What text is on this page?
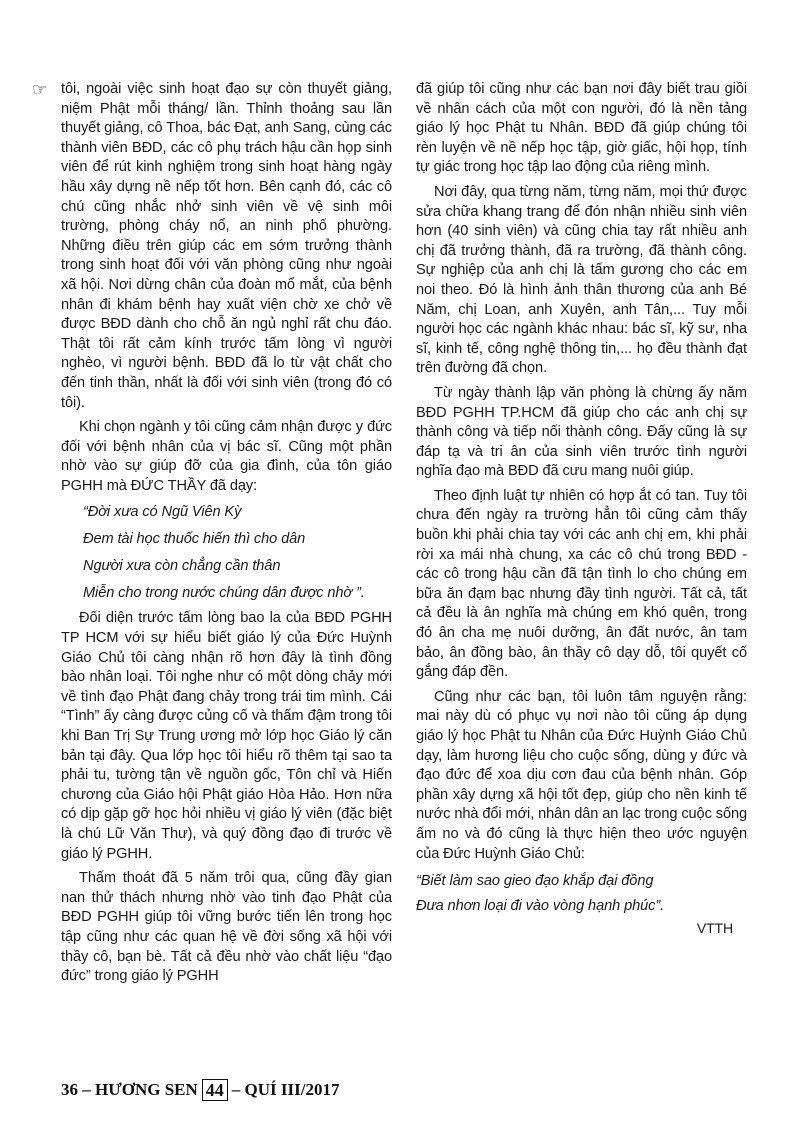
☞ tôi, ngoài việc sinh hoạt đạo sự còn thuyết giảng, niệm Phật mỗi tháng/ lần. Thỉnh thoảng sau lần thuyết giảng, cô Thoa, bác Đạt, anh Sang, cùng các thành viên BĐD, các cô phụ trách hậu cần họp sinh viên để rút kinh nghiệm trong sinh hoạt hàng ngày hầu xây dựng nề nếp tốt hơn. Bên cạnh đó, các cô chú cũng nhắc nhở sinh viên về vệ sinh môi trường, phòng cháy nổ, an ninh phố phường. Những điều trên giúp các em sớm trưởng thành trong sinh hoạt đối với văn phòng cũng như ngoài xã hội. Nơi dừng chân của đoàn mổ mắt, của bệnh nhân đi khám bệnh hay xuất viện chờ xe chở về được BĐD dành cho chỗ ăn ngủ nghỉ rất chu đáo. Thật tôi rất cảm kính trước tấm lòng vì người nghèo, vì người bệnh. BĐD đã lo từ vật chất cho đến tinh thần, nhất là đối với sinh viên (trong đó có tôi).

Khi chọn ngành y tôi cũng cảm nhận được y đức đối với bệnh nhân của vị bác sĩ. Cũng một phần nhờ vào sự giúp đỡ của gia đình, của tôn giáo PGHH mà ĐỨC THẦY đã dạy:

“Đời xưa có Ngũ Viên Kỳ

Đem tài học thuốc hiến thì cho dân

Người xưa còn chẳng cần thân

Miễn cho trong nước chúng dân được nhờ ”.

Đối diện trước tấm lòng bao la của BĐD PGHH TP HCM với sự hiểu biết giáo lý của Đức Huỳnh Giáo Chủ tôi càng nhận rõ hơn đây là tình đồng bào nhân loại. Tôi nghe như có một dòng chảy mới về tình đạo Phật đang chảy trong trái tim mình. Cái “Tình” ấy càng được củng cố và thấm đậm trong tôi khi Ban Trị Sự Trung ương mở lớp học Giáo lý căn bản tại đây. Qua lớp học tôi hiểu rõ thêm tại sao ta phải tu, tường tận về nguồn gốc, Tôn chỉ và Hiến chương của Giáo hội Phật giáo Hòa Hảo. Hơn nữa có dịp gặp gỡ học hỏi nhiều vị giáo lý viên (đặc biệt là chú Lữ Văn Thư), và quý đồng đạo đi trước về giáo lý PGHH.

Thấm thoát đã 5 năm trôi qua, cũng đầy gian nan thử thách nhưng nhờ vào tinh đạo Phật của BĐD PGHH giúp tôi vững bước tiến lên trong học tập cũng như các quan hệ về đời sống xã hội với thầy cô, bạn bè. Tất cả đều nhờ vào chất liệu “đạo đức” trong giáo lý PGHH

đã giúp tôi cũng như các bạn nơi đây biết trau giồi về nhân cách của một con người, đó là nền tảng giáo lý học Phật tu Nhân. BĐD đã giúp chúng tôi rèn luyện về nề nếp học tập, giờ giấc, hội họp, tính tự giác trong học tập lao động của riêng mình.

Nơi đây, qua từng năm, từng năm, mọi thứ được sửa chữa khang trang để đón nhận nhiều sinh viên hơn (40 sinh viên) và cũng chia tay rất nhiều anh chị đã trưởng thành, đã ra trường, đã thành công. Sự nghiệp của anh chị là tấm gương cho các em noi theo. Đó là hình ảnh thân thương của anh Bé Năm, chị Loan, anh Xuyên, anh Tân,... Tuy mỗi người học các ngành khác nhau: bác sĩ, kỹ sư, nha sĩ, kinh tế, công nghệ thông tin,... họ đều thành đạt trên đường đã chọn.

Từ ngày thành lập văn phòng là chừng ấy năm BĐD PGHH TP.HCM đã giúp cho các anh chị sự thành công và tiếp nối thành công. Đấy cũng là sự đáp tạ và tri ân của sinh viên trước tình người nghĩa đạo mà BĐD đã cưu mang nuôi giúp.

Theo định luật tự nhiên có hợp ắt có tan. Tuy tôi chưa đến ngày ra trường hẳn tôi cũng cảm thấy buồn khi phải chia tay với các anh chị em, khi phải rời xa mái nhà chung, xa các cô chú trong BĐD - các cô trong hậu cần đã tận tình lo cho chúng em bữa ăn đạm bạc nhưng đầy tình người. Tất cả, tất cả đều là ân nghĩa mà chúng em khó quên, trong đó ân cha mẹ nuôi dưỡng, ân đất nước, ân tam bảo, ân đồng bào, ân thầy cô dạy dỗ, tôi quyết cố gắng đáp đền.

Cũng như các bạn, tôi luôn tâm nguyện rằng: mai này dù có phục vụ nơi nào tôi cũng áp dụng giáo lý học Phật tu Nhân của Đức Huỳnh Giáo Chủ dạy, làm hương liệu cho cuộc sống, dùng y đức và đạo đức để xoa dịu cơn đau của bệnh nhân. Góp phần xây dựng xã hội tốt đẹp, giúp cho nền kinh tế nước nhà đổi mới, nhân dân an lạc trong cuộc sống ấm no và đó cũng là thực hiện theo ước nguyện của Đức Huỳnh Giáo Chủ:

“Biết làm sao gieo đạo khắp đại đồng

Đưa nhơn loại đi vào vòng hạnh phúc”.

VTTH

36
–
HƯƠNG SEN 44 –
QUÍ III/2017
